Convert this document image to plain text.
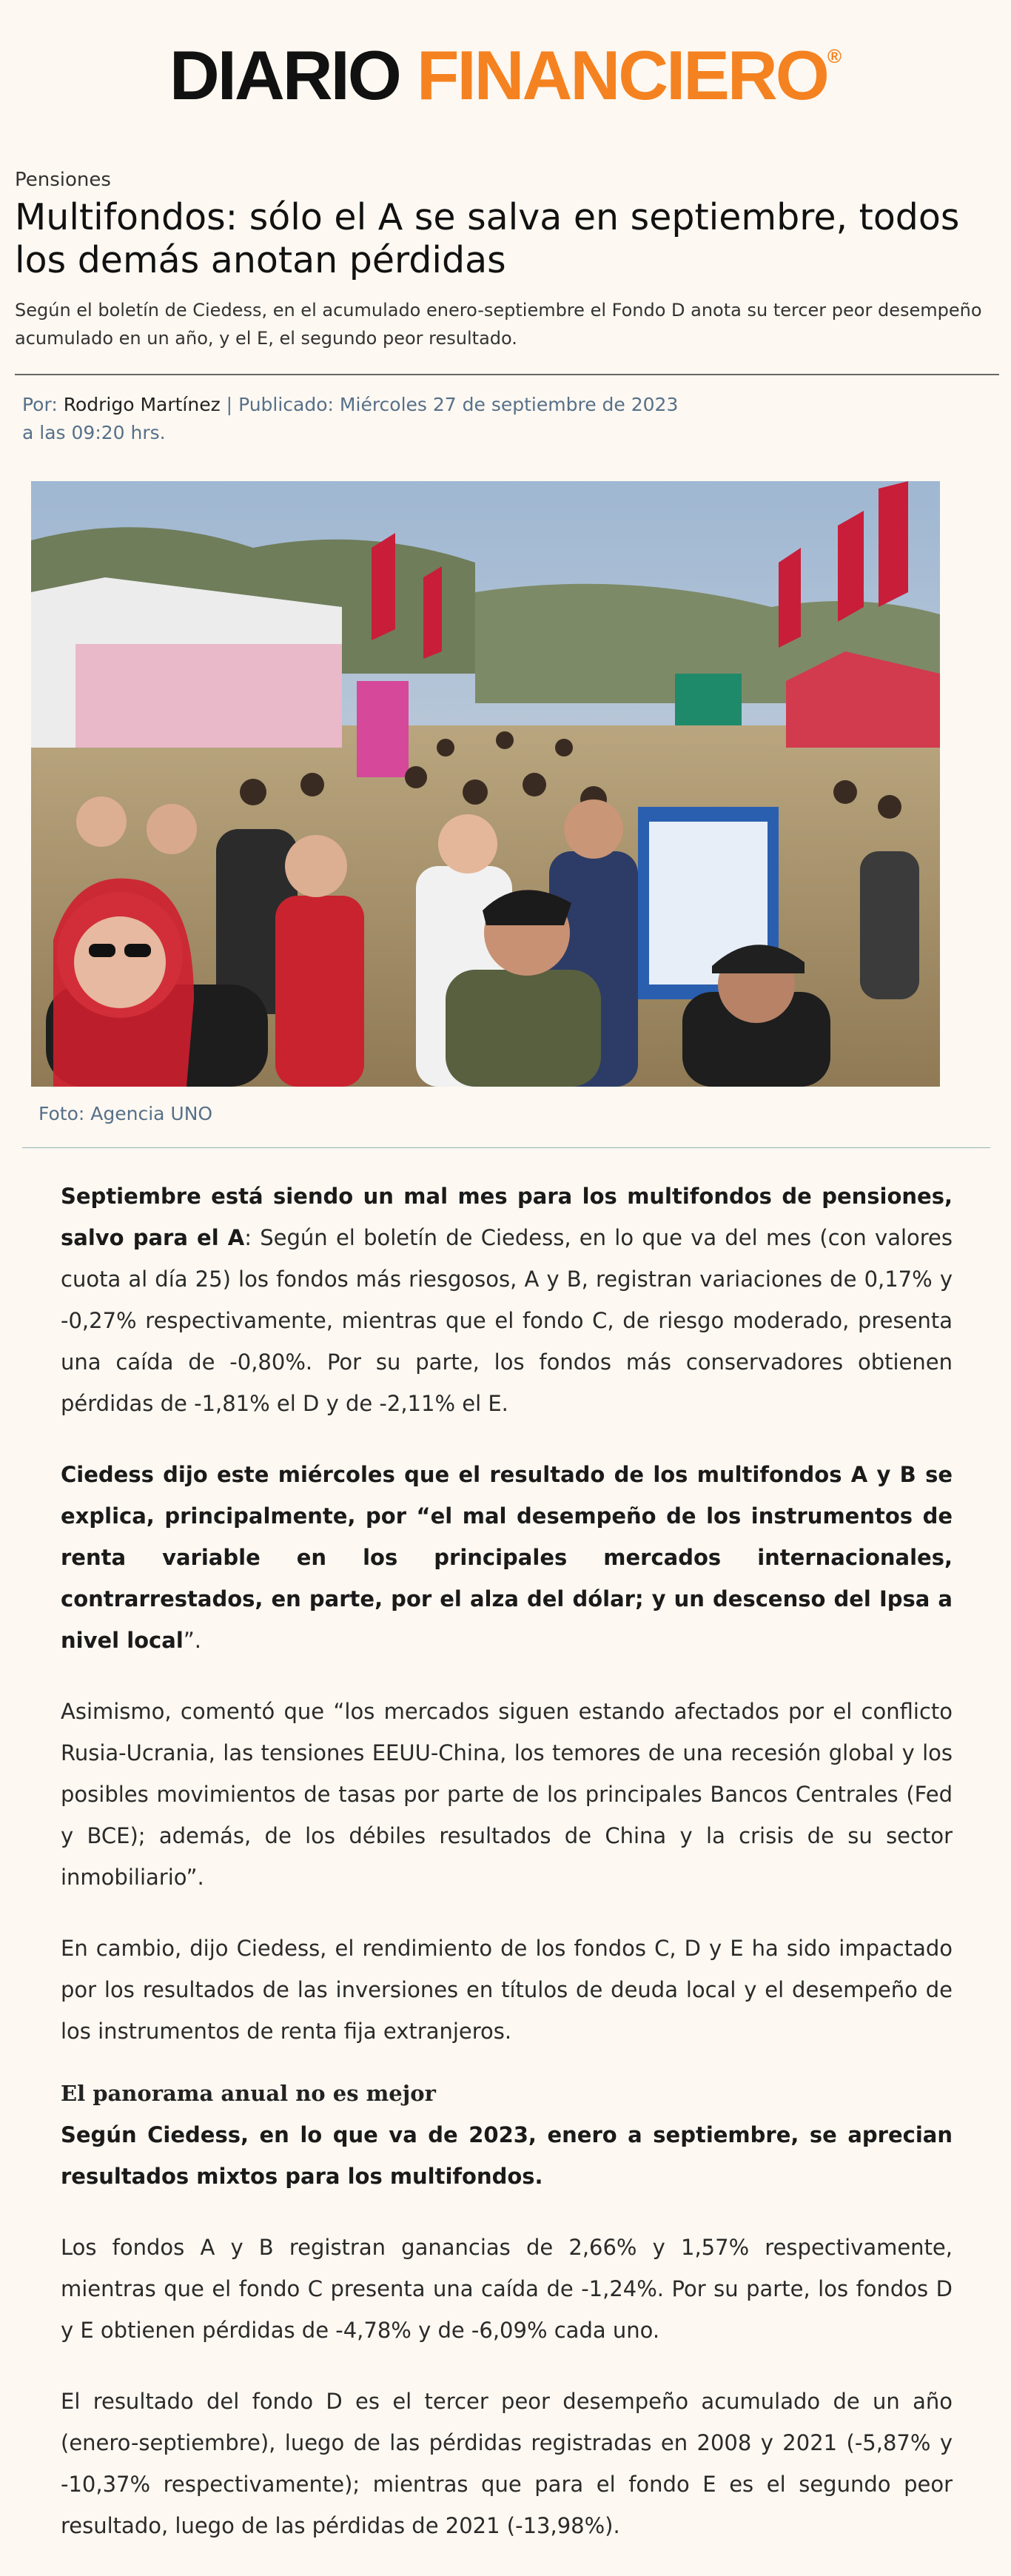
DIARIO FINANCIERO®
Pensiones
Multifondos: sólo el A se salva en septiembre, todos los demás anotan pérdidas

Según el boletín de Ciedess, en el acumulado enero-septiembre el Fondo D anota su tercer peor desempeño acumulado en un año, y el E, el segundo peor resultado.

Por: Rodrigo Martínez | Publicado: Miércoles 27 de septiembre de 2023
a las 09:20 hrs.
Foto: Agencia UNO

Septiembre está siendo un mal mes para los multifondos de pensiones, salvo para el A: Según el boletín de Ciedess, en lo que va del mes (con valores cuota al día 25) los fondos más riesgosos, A y B, registran variaciones de 0,17% y -0,27% respectivamente, mientras que el fondo C, de riesgo moderado, presenta una caída de -0,80%. Por su parte, los fondos más conservadores obtienen pérdidas de -1,81% el D y de -2,11% el E.

Ciedess dijo este miércoles que el resultado de los multifondos A y B se explica, principalmente, por “el mal desempeño de los instrumentos de renta variable en los principales mercados internacionales, contrarrestados, en parte, por el alza del dólar; y un descenso del Ipsa a nivel local”.

Asimismo, comentó que “los mercados siguen estando afectados por el conflicto Rusia-Ucrania, las tensiones EEUU-China, los temores de una recesión global y los posibles movimientos de tasas por parte de los principales Bancos Centrales (Fed y BCE); además, de los débiles resultados de China y la crisis de su sector inmobiliario”.

En cambio, dijo Ciedess, el rendimiento de los fondos C, D y E ha sido impactado por los resultados de las inversiones en títulos de deuda local y el desempeño de los instrumentos de renta fija extranjeros.

El panorama anual no es mejor

Según Ciedess, en lo que va de 2023, enero a septiembre, se aprecian resultados mixtos para los multifondos.

Los fondos A y B registran ganancias de 2,66% y 1,57% respectivamente, mientras que el fondo C presenta una caída de -1,24%. Por su parte, los fondos D y E obtienen pérdidas de -4,78% y de -6,09% cada uno.

El resultado del fondo D es el tercer peor desempeño acumulado de un año (enero-septiembre), luego de las pérdidas registradas en 2008 y 2021 (-5,87% y -10,37% respectivamente); mientras que para el fondo E es el segundo peor resultado, luego de las pérdidas de 2021 (-13,98%).
